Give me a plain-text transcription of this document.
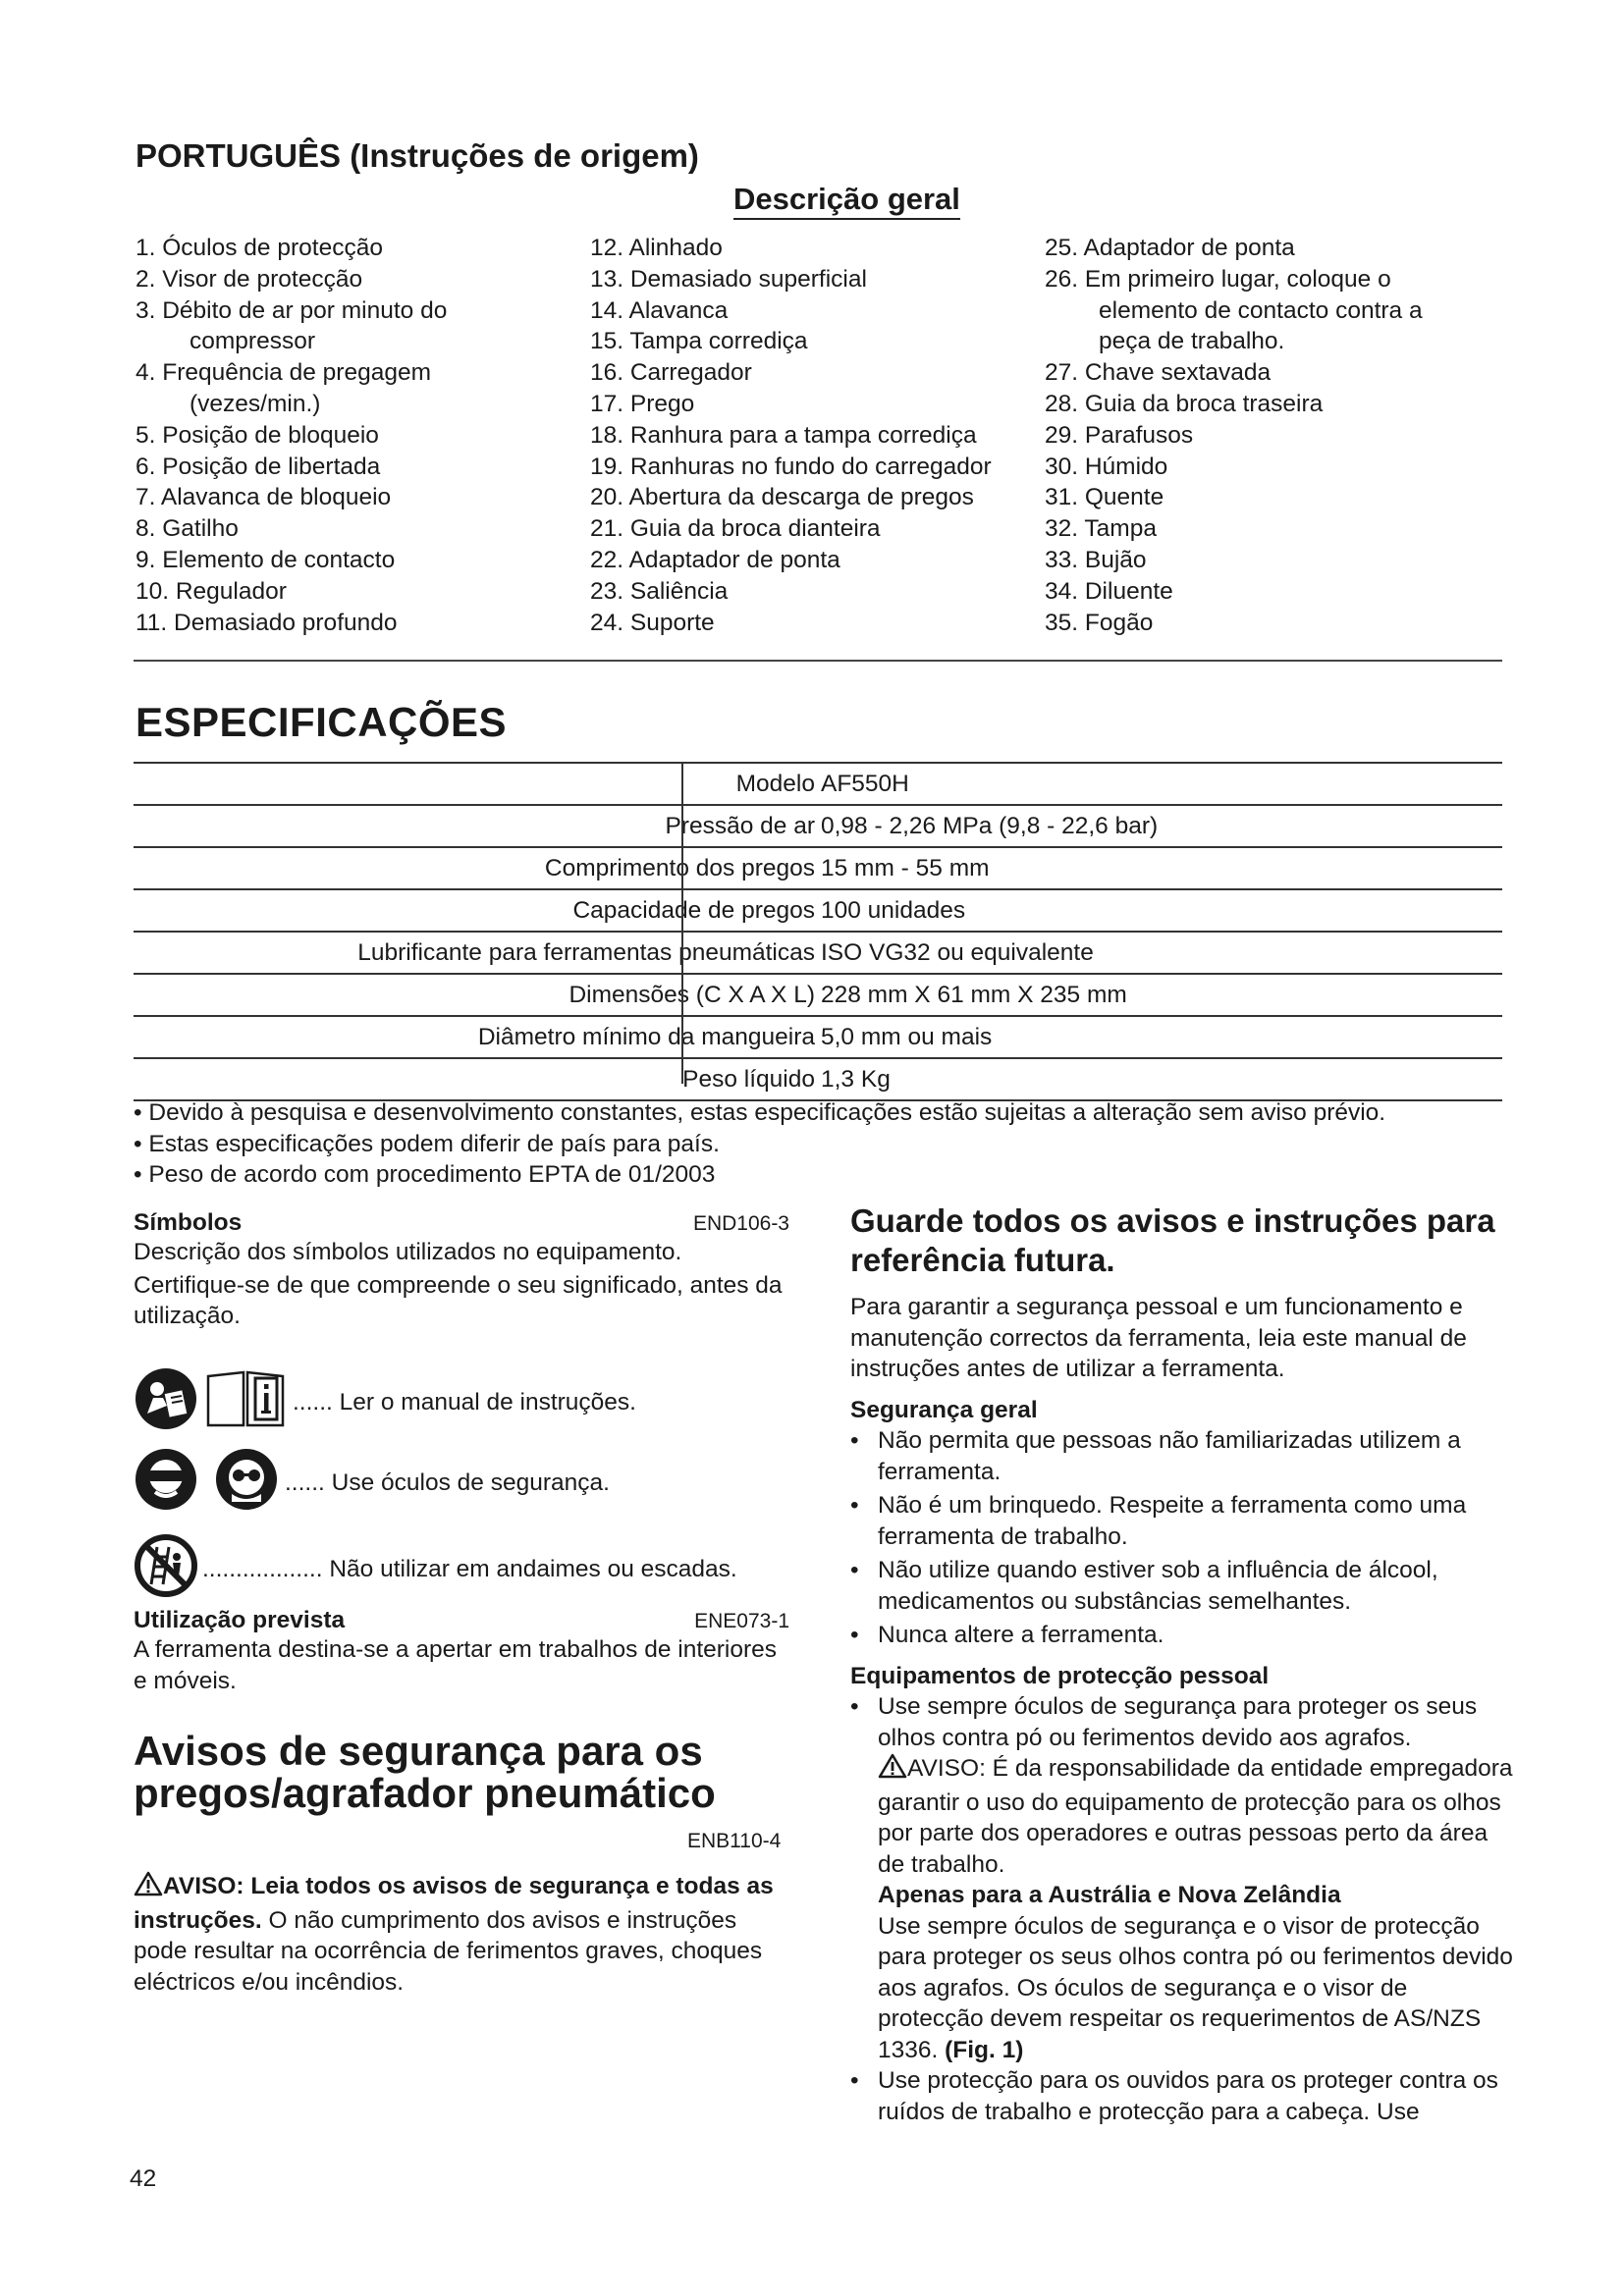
PORTUGUÊS (Instruções de origem)
Descrição geral
1. Óculos de protecção
2. Visor de protecção
3. Débito de ar por minuto do
compressor
4. Frequência de pregagem
(vezes/min.)
5. Posição de bloqueio
6. Posição de libertada
7. Alavanca de bloqueio
8. Gatilho
9. Elemento de contacto
10. Regulador
11. Demasiado profundo
12. Alinhado
13. Demasiado superficial
14. Alavanca
15. Tampa corrediça
16. Carregador
17. Prego
18. Ranhura para a tampa corrediça
19. Ranhuras no fundo do carregador
20. Abertura da descarga de pregos
21. Guia da broca dianteira
22. Adaptador de ponta
23. Saliência
24. Suporte
25. Adaptador de ponta
26. Em primeiro lugar, coloque o
elemento de contacto contra a
peça de trabalho.
27. Chave sextavada
28. Guia da broca traseira
29. Parafusos
30. Húmido
31. Quente
32. Tampa
33. Bujão
34. Diluente
35. Fogão
ESPECIFICAÇÕES
Modelo AF550H
Pressão de ar 0,98 - 2,26 MPa (9,8 - 22,6 bar)
Comprimento dos pregos 15 mm - 55 mm
Capacidade de pregos 100 unidades
Lubrificante para ferramentas pneumáticas ISO VG32 ou equivalente
Dimensões (C X A X L) 228 mm X 61 mm X 235 mm
Diâmetro mínimo da mangueira 5,0 mm ou mais
Peso líquido 1,3 Kg
• Devido à pesquisa e desenvolvimento constantes, estas especificações estão sujeitas a alteração sem aviso prévio.
• Estas especificações podem diferir de país para país.
• Peso de acordo com procedimento EPTA de 01/2003
Símbolos	END106-3
Descrição dos símbolos utilizados no equipamento.
Certifique-se de que compreende o seu significado, antes da utilização.
...... Ler o manual de instruções.
...... Use óculos de segurança.
.................. Não utilizar em andaimes ou escadas.
Utilização prevista	ENE073-1
A ferramenta destina-se a apertar em trabalhos de interiores e móveis.
Avisos de segurança para os
pregos/agrafador pneumático
ENB110-4
AVISO: Leia todos os avisos de segurança e todas as instruções. O não cumprimento dos avisos e instruções pode resultar na ocorrência de ferimentos graves, choques eléctricos e/ou incêndios.
Guarde todos os avisos e instruções para
referência futura.
Para garantir a segurança pessoal e um funcionamento e manutenção correctos da ferramenta, leia este manual de instruções antes de utilizar a ferramenta.
Segurança geral
• Não permita que pessoas não familiarizadas utilizem a ferramenta.
• Não é um brinquedo. Respeite a ferramenta como uma ferramenta de trabalho.
• Não utilize quando estiver sob a influência de álcool, medicamentos ou substâncias semelhantes.
• Nunca altere a ferramenta.
Equipamentos de protecção pessoal
• Use sempre óculos de segurança para proteger os seus olhos contra pó ou ferimentos devido aos agrafos.
AVISO: É da responsabilidade da entidade empregadora garantir o uso do equipamento de protecção para os olhos por parte dos operadores e outras pessoas perto da área de trabalho.
Apenas para a Austrália e Nova Zelândia
Use sempre óculos de segurança e o visor de protecção para proteger os seus olhos contra pó ou ferimentos devido aos agrafos. Os óculos de segurança e o visor de protecção devem respeitar os requerimentos de AS/NZS 1336. (Fig. 1)
• Use protecção para os ouvidos para os proteger contra os ruídos de trabalho e protecção para a cabeça. Use
42
